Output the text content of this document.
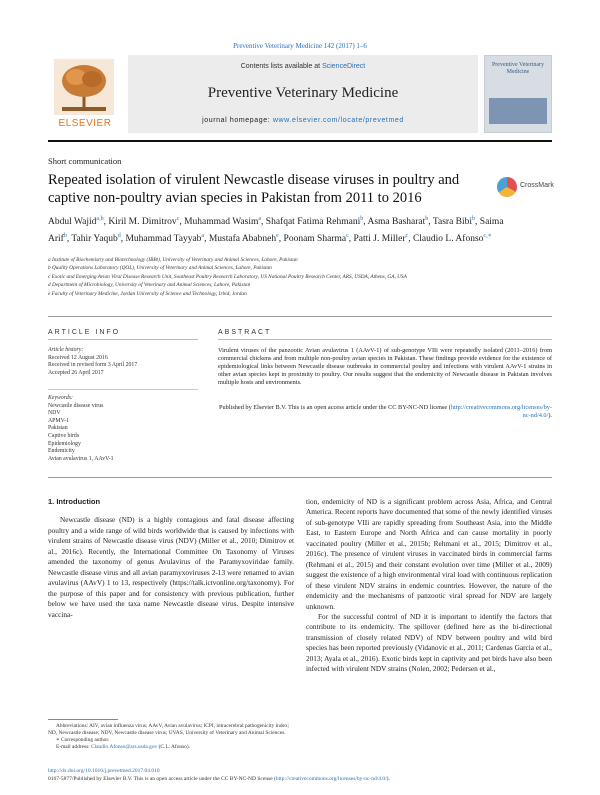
Preventive Veterinary Medicine 142 (2017) 1–6
ELSEVIER
Contents lists available at ScienceDirect
Preventive Veterinary Medicine
journal homepage: www.elsevier.com/locate/prevetmed
Preventive Veterinary Medicine
Short communication
Repeated isolation of virulent Newcastle disease viruses in poultry and captive non-poultry avian species in Pakistan from 2011 to 2016
CrossMark
Abdul Wajid$^{a,b}$, Kiril M. Dimitrov$^c$, Muhammad Wasim$^a$, Shafqat Fatima Rehmani$^b$, Asma Basharat$^b$, Tasra Bibi$^b$, Saima Arif$^b$, Tahir Yaqub$^d$, Muhammad Tayyab$^a$, Mustafa Ababneh$^e$, Poonam Sharma$^c$, Patti J. Miller$^c$, Claudio L. Afonso$^{c,∗}$
a Institute of Biochemistry and Biotechnology (IBBt), University of Veterinary and Animal Sciences, Lahore, Pakistan
b Quality Operations Laboratory (QOL), University of Veterinary and Animal Sciences, Lahore, Pakistan
c Exotic and Emerging Avian Viral Disease Research Unit, Southeast Poultry Research Laboratory, US National Poultry Research Center, ARS, USDA, Athens, GA, USA
d Department of Microbiology, University of Veterinary and Animal Sciences, Lahore, Pakistan
e Faculty of Veterinary Medicine, Jordan University of Science and Technology, Irbid, Jordan
ARTICLE INFO	ABSTRACT
Article history:
Received 12 August 2016
Received in revised form 3 April 2017
Accepted 26 April 2017
Keywords:
Newcastle disease virus
NDV
APMV-1
Pakistan
Captive birds
Epidemiology
Endemicity
Avian avulavirus 1, AAvV-1
Virulent viruses of the panzootic Avian avulavirus 1 (AAvV-1) of sub-genotype VIIi were repeatedly isolated (2011–2016) from commercial chickens and from multiple non-poultry avian species in Pakistan. These findings provide evidence for the existence of epidemiological links between Newcastle disease outbreaks in commercial poultry and infections with virulent AAvV-1 strains in other avian species kept in proximity to poultry. Our results suggest that the endemicity of Newcastle disease in Pakistan involves multiple hosts and environments.
Published by Elsevier B.V. This is an open access article under the CC BY-NC-ND license (http://creativecommons.org/licenses/by-nc-nd/4.0/).
1. Introduction

Newcastle disease (ND) is a highly contagious and fatal disease affecting poultry and a wide range of wild birds worldwide that is caused by infections with virulent strains of Newcastle disease virus (NDV) (Miller et al., 2010; Dimitrov et al., 2016c). Recently, the International Committee On Taxonomy of Viruses amended the taxonomy of genus Avulavirus of the Paramyxoviridae family. Newcastle disease virus and all avian paramyxoviruses 2-13 were renamed to avian avulavirus (AAvV) 1 to 13, respectively (https://talk.ictvonline.org/taxonomy). For the purpose of this paper and for consistency with previous publication, further below we have used the taxa name Newcastle disease virus. Despite intensive vaccina-

tion, endemicity of ND is a significant problem across Asia, Africa, and Central America. Recent reports have documented that some of the newly identified viruses of sub-genotype VIIi are rapidly spreading from Southeast Asia, into the Middle East, to Eastern Europe and North Africa and can cause mortality in poorly vaccinated poultry (Miller et al., 2015b; Rehmani et al., 2015; Dimitrov et al., 2016c). The presence of virulent viruses in vaccinated birds in commercial farms (Rehmani et al., 2015) and their constant evolution over time (Miller et al., 2009) suggest the existence of a high environmental viral load with continuous replication of these virulent NDV strains in endemic countries. However, the nature of the endemicity and the mechanisms of panzootic viral spread for NDV are largely unknown.

For the successful control of ND it is important to identify the factors that contribute to its endemicity. The spillover (defined here as the bi-directional transmission of closely related NDV) of NDV between poultry and wild bird species has been reported previously (Vidanovic et al., 2011; Cardenas Garcia et al., 2013; Ayala et al., 2016). Exotic birds kept in captivity and pet birds have also been infected with virulent NDV strains (Nolen, 2002; Pedersen et al.,

Abbreviations: AIV, avian influenza virus; AAvV, Avian avulavirus; ICPI, intracerebral pathogenicity index; ND, Newcastle disease; NDV, Newcastle disease virus; UVAS, University of Veterinary and Animal Sciences.
∗ Corresponding author.
E-mail address: Claudio.Afonso@ars.usda.gov (C.L. Afonso).
http://dx.doi.org/10.1016/j.prevetmed.2017.04.010
0167-5877/Published by Elsevier B.V. This is an open access article under the CC BY-NC-ND license (http://creativecommons.org/licenses/by-nc-nd/4.0/).
